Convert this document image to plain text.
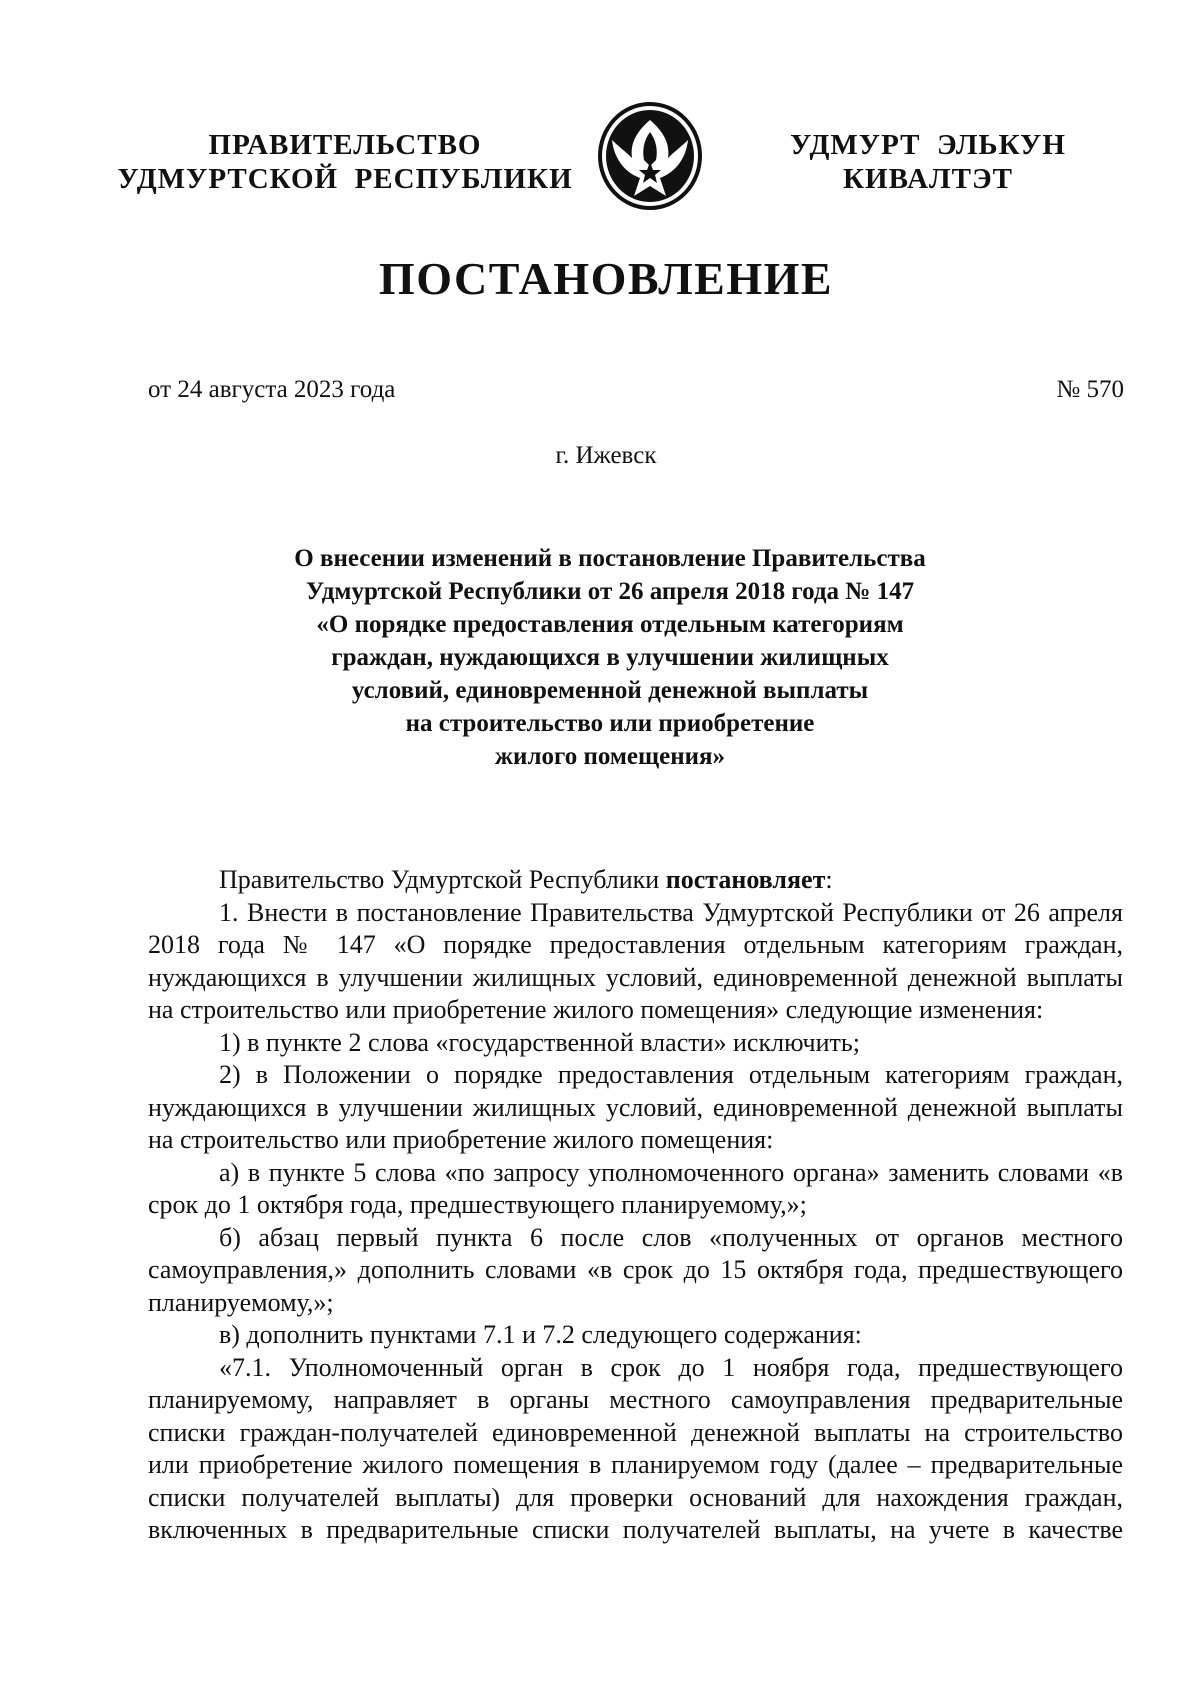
ПРАВИТЕЛЬСТВО
УДМУРТСКОЙ  РЕСПУБЛИКИ
УДМУРТ  ЭЛЬКУН
КИВАЛТЭТ
ПОСТАНОВЛЕНИЕ
от 24 августа 2023 года	№ 570
г. Ижевск
О внесении изменений в постановление Правительства
Удмуртской Республики от 26 апреля 2018 года № 147
«О порядке предоставления отдельным категориям
граждан, нуждающихся в улучшении жилищных
условий, единовременной денежной выплаты
на строительство или приобретение
жилого помещения»

Правительство Удмуртской Республики постановляет:

1. Внести в постановление Правительства Удмуртской Республики от 26 апреля 2018 года № 147 «О порядке предоставления отдельным категориям граждан, нуждающихся в улучшении жилищных условий, единовременной денежной выплаты на строительство или приобретение жилого помещения» следующие изменения:

1) в пункте 2 слова «государственной власти» исключить;

2) в Положении о порядке предоставления отдельным категориям граждан, нуждающихся в улучшении жилищных условий, единовременной денежной выплаты на строительство или приобретение жилого помещения:

а) в пункте 5 слова «по запросу уполномоченного органа» заменить словами «в срок до 1 октября года, предшествующего планируемому,»;

б) абзац первый пункта 6 после слов «полученных от органов местного самоуправления,» дополнить словами «в срок до 15 октября года, предшествующего планируемому,»;

в) дополнить пунктами 7.1 и 7.2 следующего содержания:

«7.1. Уполномоченный орган в срок до 1 ноября года, предшествующего планируемому, направляет в органы местного самоуправления предварительные списки граждан-получателей единовременной денежной выплаты на строительство или приобретение жилого помещения в планируемом году (далее – предварительные списки получателей выплаты) для проверки оснований для нахождения граждан, включенных в предварительные списки получателей выплаты, на учете в качестве
